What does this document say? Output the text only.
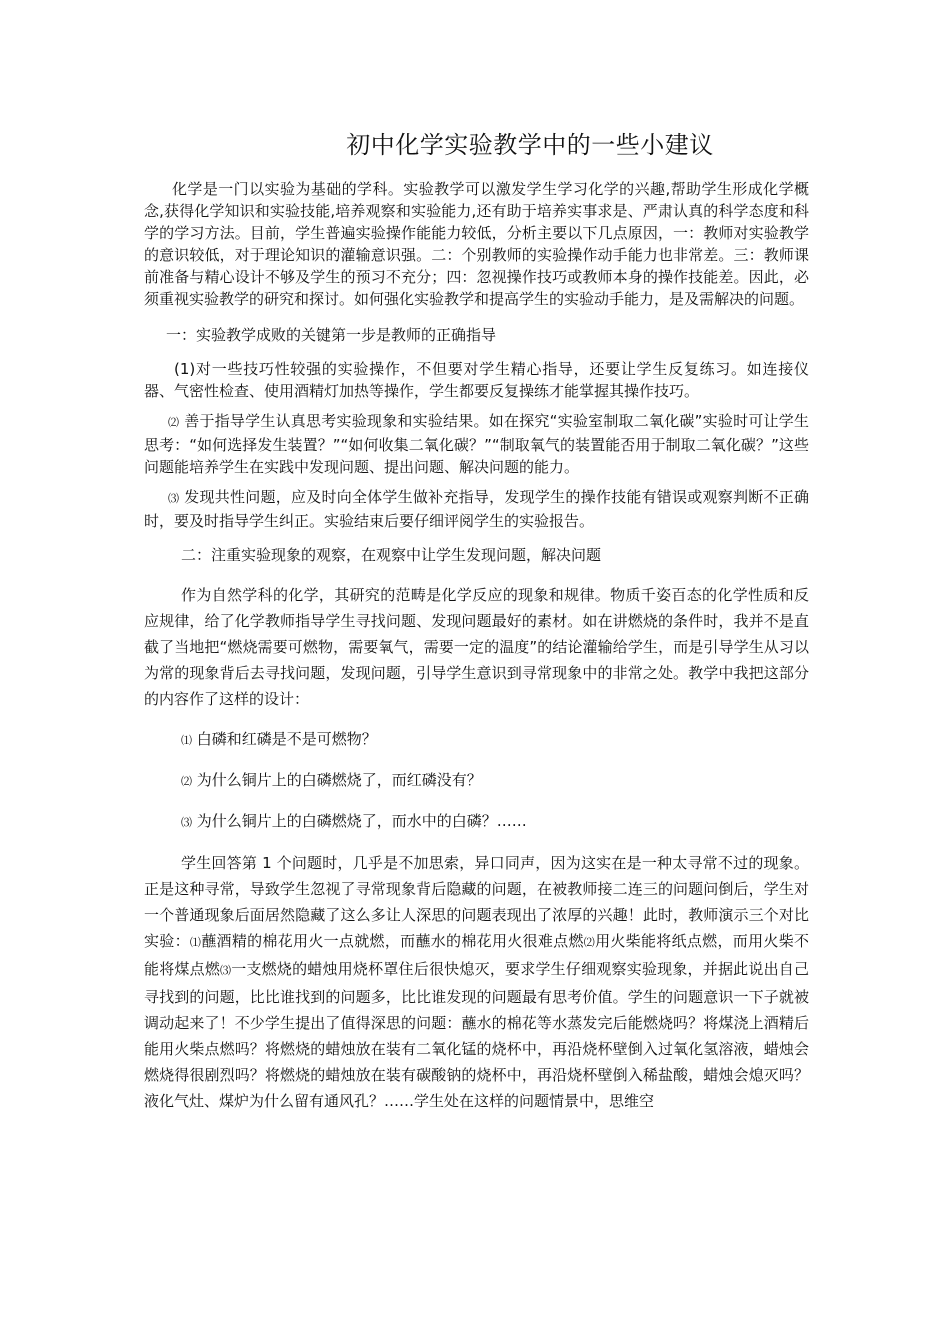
初中化学实验教学中的一些小建议

化学是一门以实验为基础的学科。实验教学可以激发学生学习化学的兴趣,帮助学生形成化学概念,获得化学知识和实验技能,培养观察和实验能力,还有助于培养实事求是、严肃认真的科学态度和科学的学习方法。目前，学生普遍实验操作能能力较低，分析主要以下几点原因，一：教师对实验教学的意识较低，对于理论知识的灌输意识强。二：个别教师的实验操作动手能力也非常差。三：教师课前准备与精心设计不够及学生的预习不充分；四：忽视操作技巧或教师本身的操作技能差。因此，必须重视实验教学的研究和探讨。如何强化实验教学和提高学生的实验动手能力，是及需解决的问题。

一：实验教学成败的关键第一步是教师的正确指导

(1)对一些技巧性较强的实验操作，不但要对学生精心指导，还要让学生反复练习。如连接仪器、气密性检查、使用酒精灯加热等操作，学生都要反复操练才能掌握其操作技巧。

⑵ 善于指导学生认真思考实验现象和实验结果。如在探究“实验室制取二氧化碳”实验时可让学生思考：“如何选择发生装置？”“如何收集二氧化碳？”“制取氧气的装置能否用于制取二氧化碳？”这些问题能培养学生在实践中发现问题、提出问题、解决问题的能力。

⑶ 发现共性问题，应及时向全体学生做补充指导，发现学生的操作技能有错误或观察判断不正确时，要及时指导学生纠正。实验结束后要仔细评阅学生的实验报告。

二：注重实验现象的观察，在观察中让学生发现问题，解决问题

作为自然学科的化学，其研究的范畴是化学反应的现象和规律。物质千姿百态的化学性质和反应规律，给了化学教师指导学生寻找问题、发现问题最好的素材。如在讲燃烧的条件时，我并不是直截了当地把“燃烧需要可燃物，需要氧气，需要一定的温度”的结论灌输给学生，而是引导学生从习以为常的现象背后去寻找问题，发现问题，引导学生意识到寻常现象中的非常之处。教学中我把这部分的内容作了这样的设计：

⑴ 白磷和红磷是不是可燃物？

⑵ 为什么铜片上的白磷燃烧了，而红磷没有？

⑶ 为什么铜片上的白磷燃烧了，而水中的白磷？……

学生回答第 1 个问题时，几乎是不加思索，异口同声，因为这实在是一种太寻常不过的现象。正是这种寻常，导致学生忽视了寻常现象背后隐藏的问题，在被教师接二连三的问题问倒后，学生对一个普通现象后面居然隐藏了这么多让人深思的问题表现出了浓厚的兴趣！此时，教师演示三个对比实验：⑴蘸酒精的棉花用火一点就燃，而蘸水的棉花用火很难点燃⑵用火柴能将纸点燃，而用火柴不能将煤点燃⑶一支燃烧的蜡烛用烧杯罩住后很快熄灭，要求学生仔细观察实验现象，并据此说出自己寻找到的问题，比比谁找到的问题多，比比谁发现的问题最有思考价值。学生的问题意识一下子就被调动起来了！不少学生提出了值得深思的问题：蘸水的棉花等水蒸发完后能燃烧吗？将煤浇上酒精后能用火柴点燃吗？将燃烧的蜡烛放在装有二氧化锰的烧杯中，再沿烧杯壁倒入过氧化氢溶液，蜡烛会燃烧得很剧烈吗？将燃烧的蜡烛放在装有碳酸钠的烧杯中，再沿烧杯壁倒入稀盐酸，蜡烛会熄灭吗？液化气灶、煤炉为什么留有通风孔？……学生处在这样的问题情景中，思维空
